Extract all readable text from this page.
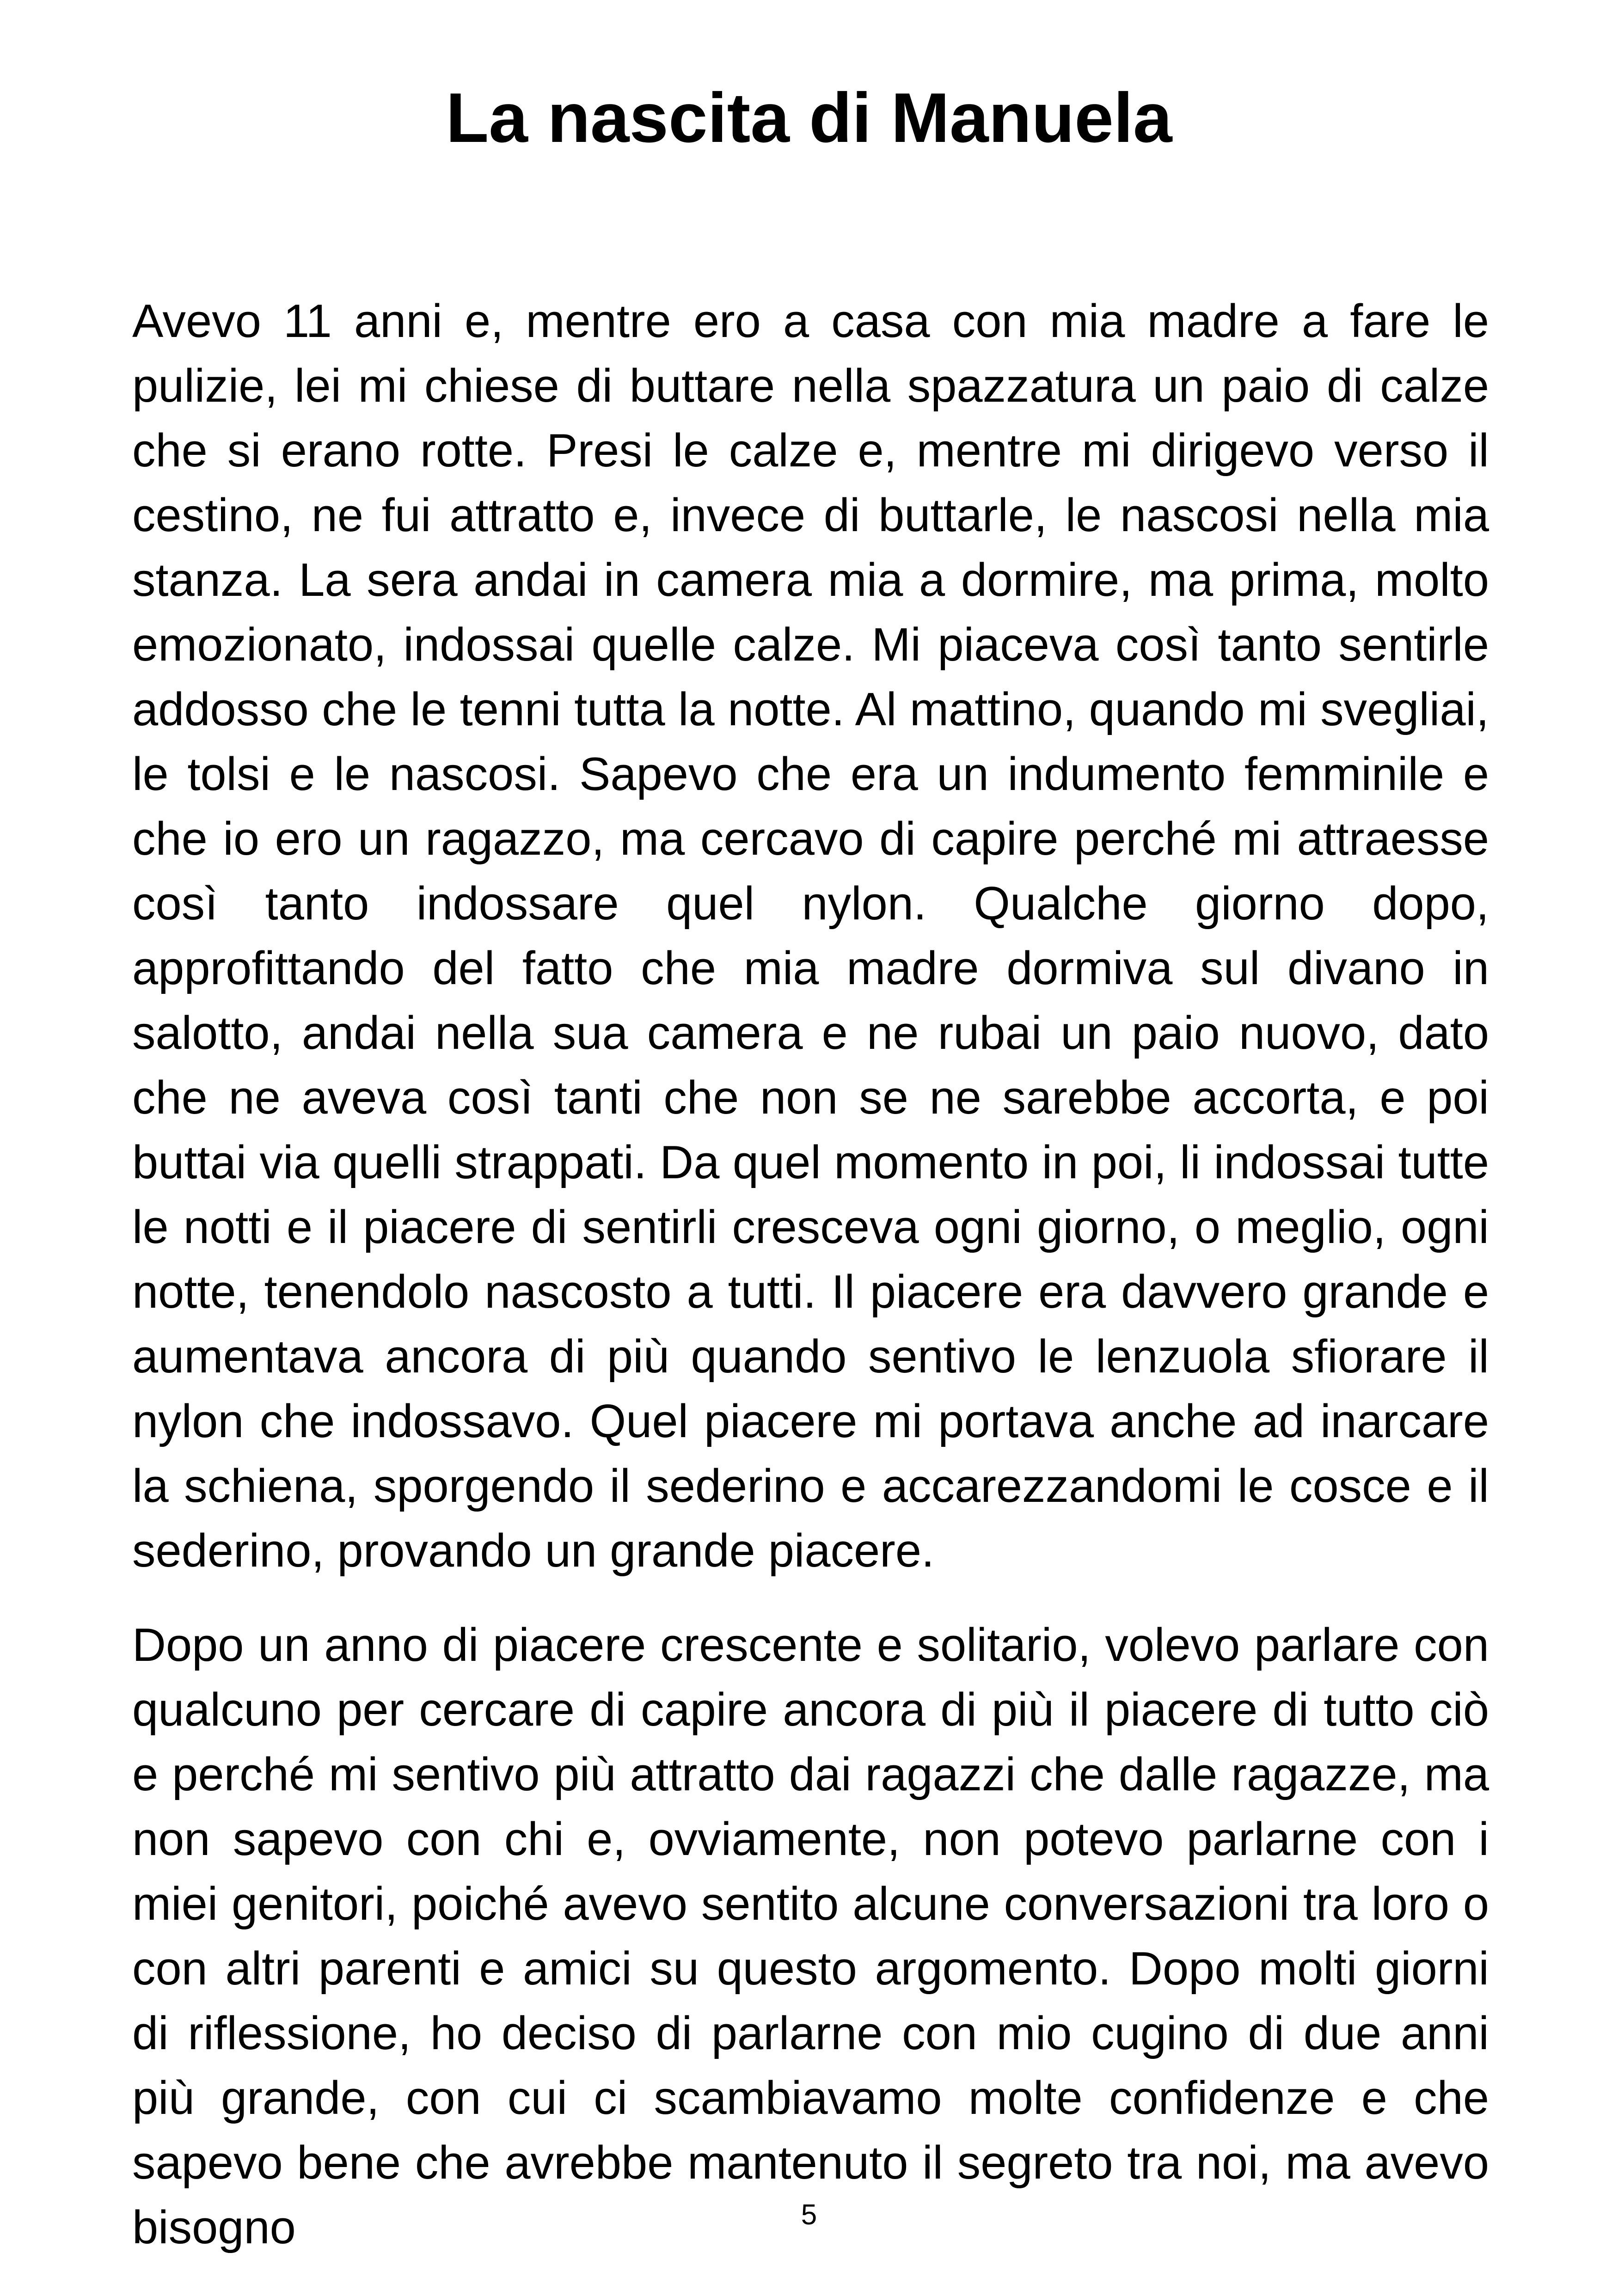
La nascita di Manuela

Avevo 11 anni e, mentre ero a casa con mia madre a fare le pulizie, lei mi chiese di buttare nella spazzatura un paio di calze che si erano rotte. Presi le calze e, mentre mi dirigevo verso il cestino, ne fui attratto e, invece di buttarle, le nascosi nella mia stanza. La sera andai in camera mia a dormire, ma prima, molto emozionato, indossai quelle calze. Mi piaceva così tanto sentirle addosso che le tenni tutta la notte. Al mattino, quando mi svegliai, le tolsi e le nascosi. Sapevo che era un indumento femminile e che io ero un ragazzo, ma cercavo di capire perché mi attraesse così tanto indossare quel nylon. Qualche giorno dopo, approfittando del fatto che mia madre dormiva sul divano in salotto, andai nella sua camera e ne rubai un paio nuovo, dato che ne aveva così tanti che non se ne sarebbe accorta, e poi buttai via quelli strappati. Da quel momento in poi, li indossai tutte le notti e il piacere di sentirli cresceva ogni giorno, o meglio, ogni notte, tenendolo nascosto a tutti. Il piacere era davvero grande e aumentava ancora di più quando sentivo le lenzuola sfiorare il nylon che indossavo. Quel piacere mi portava anche ad inarcare la schiena, sporgendo il sederino e accarezzandomi le cosce e il sederino, provando un grande piacere.

Dopo un anno di piacere crescente e solitario, volevo parlare con qualcuno per cercare di capire ancora di più il piacere di tutto ciò e perché mi sentivo più attratto dai ragazzi che dalle ragazze, ma non sapevo con chi e, ovviamente, non potevo parlarne con i miei genitori, poiché avevo sentito alcune conversazioni tra loro o con altri parenti e amici su questo argomento. Dopo molti giorni di riflessione, ho deciso di parlarne con mio cugino di due anni più grande, con cui ci scambiavamo molte confidenze e che sapevo bene che avrebbe mantenuto il segreto tra noi, ma avevo bisogno	5
